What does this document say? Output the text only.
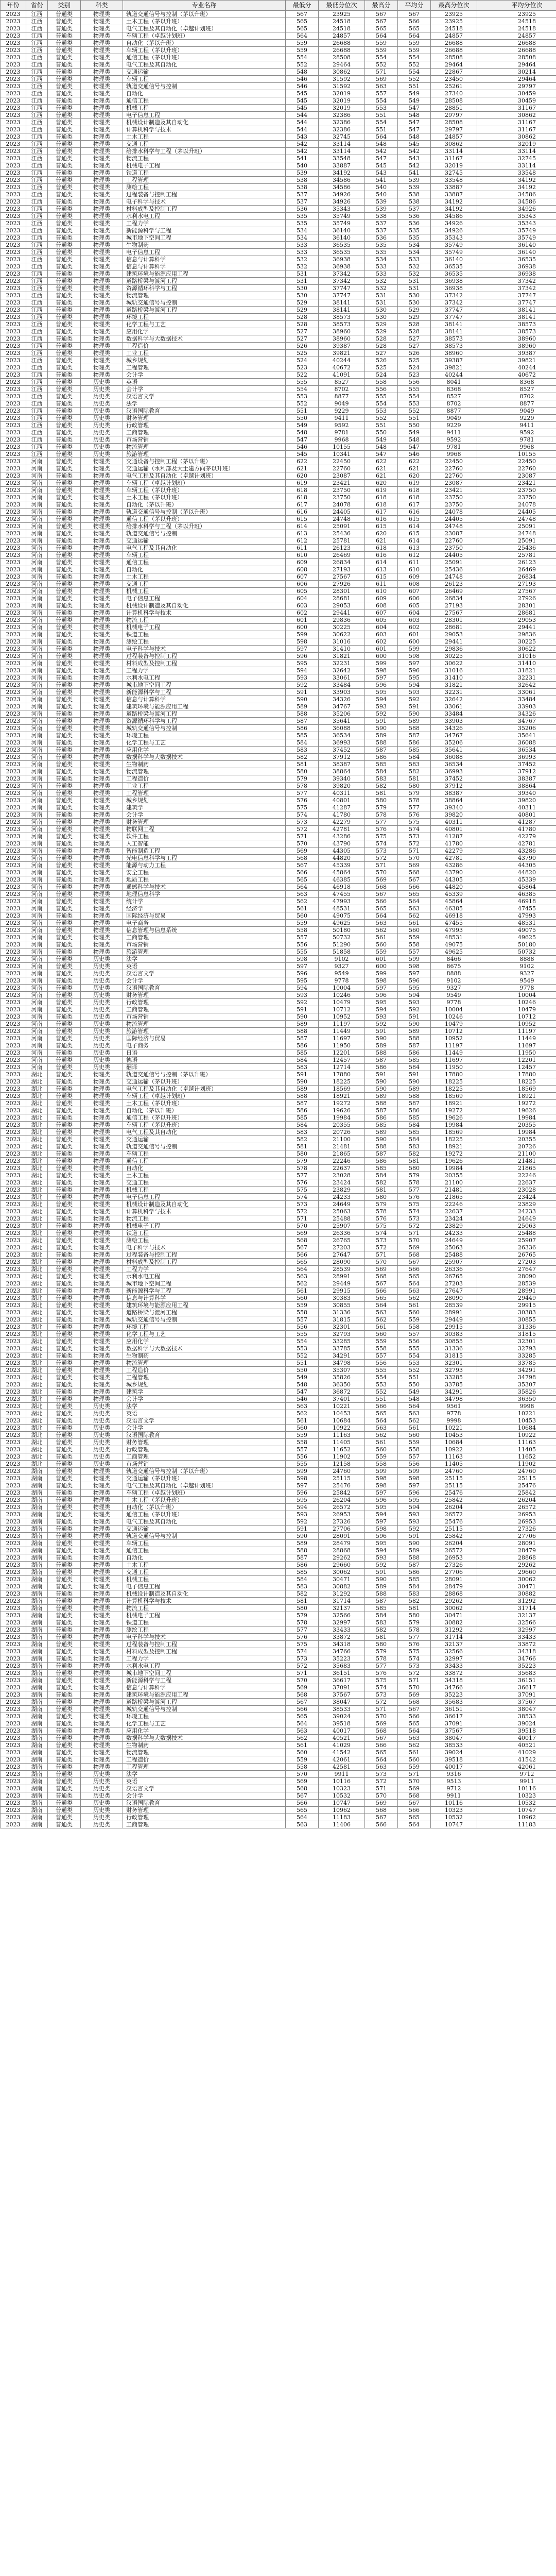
年份	省份	类别	科类	专业名称	最低分	最低分位次	最高分	平均分	最高分位次	平均分位次
2023	江西	普通类	物理类	轨道交通信号与控制（茅以升班）	567	23925	567	567	23925	23925
2023	江西	普通类	物理类	土木工程（茅以升班）	565	24518	567	566	23925	24518
2023	江西	普通类	物理类	电气工程及其自动化（卓越计划班）	565	24518	565	565	24518	24518
2023	江西	普通类	物理类	车辆工程（卓越计划班）	564	24857	564	564	24857	24857
2023	江西	普通类	物理类	自动化（茅以升班）	559	26688	559	559	26688	26688
2023	江西	普通类	物理类	车辆工程（茅以升班）	559	26688	559	559	26688	26688
2023	江西	普通类	物理类	通信工程（茅以升班）	554	28508	554	554	28508	28508
2023	江西	普通类	物理类	电气工程及其自动化	552	29464	552	552	29464	29464
2023	江西	普通类	物理类	交通运输	548	30862	571	554	22867	30214
2023	江西	普通类	物理类	车辆工程	546	31592	569	552	23450	29464
2023	江西	普通类	物理类	轨道交通信号与控制	546	31592	563	551	25261	29797
2023	江西	普通类	物理类	自动化	545	32019	557	549	27340	30459
2023	江西	普通类	物理类	通信工程	545	32019	554	549	28508	30459
2023	江西	普通类	物理类	机械工程	545	32019	553	547	28851	31167
2023	江西	普通类	物理类	电子信息工程	544	32386	551	548	29797	30862
2023	江西	普通类	物理类	机械设计制造及其自动化	544	32386	554	547	28508	31167
2023	江西	普通类	物理类	计算机科学与技术	544	32386	551	547	29797	31167
2023	江西	普通类	物理类	土木工程	543	32745	564	548	24857	30862
2023	江西	普通类	物理类	交通工程	542	33114	548	545	30862	32019
2023	江西	普通类	物理类	给排水科学与工程（茅以升班）	542	33114	542	542	33114	33114
2023	江西	普通类	物理类	物流工程	541	33548	547	543	31167	32745
2023	江西	普通类	物理类	机械电子工程	540	33887	545	542	32019	33114
2023	江西	普通类	物理类	铁道工程	539	34192	543	541	32745	33548
2023	江西	普通类	物理类	工程管理	538	34586	541	539	33548	34192
2023	江西	普通类	物理类	测绘工程	538	34586	540	539	33887	34192
2023	江西	普通类	物理类	过程装备与控制工程	537	34926	540	538	33887	34586
2023	江西	普通类	物理类	电子科学与技术	537	34926	539	538	34192	34586
2023	江西	普通类	物理类	材料成型及控制工程	536	35343	539	537	34192	34926
2023	江西	普通类	物理类	水利水电工程	535	35749	538	536	34586	35343
2023	江西	普通类	物理类	工程力学	535	35749	537	536	34926	35343
2023	江西	普通类	物理类	新能源科学与工程	534	36140	537	535	34926	35749
2023	江西	普通类	物理类	城市地下空间工程	534	36140	536	535	35343	35749
2023	江西	普通类	物理类	生物制药	533	36535	535	534	35749	36140
2023	江西	普通类	物理类	电子信息工程	533	36535	535	534	35749	36140
2023	江西	普通类	物理类	信息与计算科学	532	36938	534	533	36140	36535
2023	江西	普通类	物理类	信息与计算科学	532	36938	533	532	36535	36938
2023	江西	普通类	物理类	建筑环境与能源应用工程	531	37342	533	532	36535	36938
2023	江西	普通类	物理类	道路桥梁与渡河工程	531	37342	532	531	36938	37342
2023	江西	普通类	物理类	资源循环科学与工程	530	37747	532	531	36938	37342
2023	江西	普通类	物理类	物流管理	530	37747	531	530	37342	37747
2023	江西	普通类	物理类	城轨交通信号与控制	529	38141	531	530	37342	37747
2023	江西	普通类	物理类	道路桥梁与渡河工程	529	38141	530	529	37747	38141
2023	江西	普通类	物理类	环境工程	528	38573	530	529	37747	38141
2023	江西	普通类	物理类	化学工程与工艺	528	38573	529	528	38141	38573
2023	江西	普通类	物理类	应用化学	527	38960	529	528	38141	38573
2023	江西	普通类	物理类	数据科学与大数据技术	527	38960	528	527	38573	38960
2023	江西	普通类	物理类	工程造价	526	39387	528	527	38573	38960
2023	江西	普通类	物理类	工业工程	525	39821	527	526	38960	39387
2023	江西	普通类	物理类	城乡规划	524	40244	526	525	39387	39821
2023	江西	普通类	物理类	工程管理	523	40672	525	524	39821	40244
2023	江西	普通类	物理类	会计学	522	41091	524	523	40244	40672
2023	江西	普通类	历史类	英语	555	8527	558	556	8041	8368
2023	江西	普通类	历史类	会计学	554	8702	556	555	8368	8527
2023	江西	普通类	历史类	汉语言文学	553	8877	555	554	8527	8702
2023	江西	普通类	历史类	法学	552	9049	554	553	8702	8877
2023	江西	普通类	历史类	汉语国际教育	551	9229	553	552	8877	9049
2023	江西	普通类	历史类	财务管理	550	9411	552	551	9049	9229
2023	江西	普通类	历史类	行政管理	549	9592	551	550	9229	9411
2023	江西	普通类	历史类	工商管理	548	9781	550	549	9411	9592
2023	江西	普通类	历史类	市场营销	547	9968	549	548	9592	9781
2023	江西	普通类	历史类	物流管理	546	10155	548	547	9781	9968
2023	江西	普通类	历史类	旅游管理	545	10341	547	546	9968	10155
2023	河南	普通类	物理类	交通设备与控制工程（茅以升班）	622	22450	622	622	22450	22450
2023	河南	普通类	物理类	交通运输（水利部及大土建方向茅以升班）	621	22760	621	621	22760	22760
2023	河南	普通类	物理类	电气工程及其自动化（卓越计划班）	620	23087	621	620	22760	23087
2023	河南	普通类	物理类	车辆工程（卓越计划班）	619	23421	620	619	23087	23421
2023	河南	普通类	物理类	车辆工程（茅以升班）	618	23750	619	618	23421	23750
2023	河南	普通类	物理类	土木工程（茅以升班）	618	23750	618	618	23750	23750
2023	河南	普通类	物理类	自动化（茅以升班）	617	24078	618	617	23750	24078
2023	河南	普通类	物理类	轨道交通信号与控制（茅以升班）	616	24405	617	616	24078	24405
2023	河南	普通类	物理类	通信工程（茅以升班）	615	24748	616	615	24405	24748
2023	河南	普通类	物理类	给排水科学与工程（茅以升班）	614	25091	615	614	24748	25091
2023	河南	普通类	物理类	轨道交通信号与控制	613	25436	620	615	23087	24748
2023	河南	普通类	物理类	交通运输	612	25781	621	614	22760	25091
2023	河南	普通类	物理类	电气工程及其自动化	611	26123	618	613	23750	25436
2023	河南	普通类	物理类	车辆工程	610	26469	616	612	24405	25781
2023	河南	普通类	物理类	通信工程	609	26834	614	611	25091	26123
2023	河南	普通类	物理类	自动化	608	27193	613	610	25436	26469
2023	河南	普通类	物理类	土木工程	607	27567	615	609	24748	26834
2023	河南	普通类	物理类	交通工程	606	27926	611	608	26123	27193
2023	河南	普通类	物理类	机械工程	605	28301	610	607	26469	27567
2023	河南	普通类	物理类	电子信息工程	604	28681	609	606	26834	27926
2023	河南	普通类	物理类	机械设计制造及其自动化	603	29053	608	605	27193	28301
2023	河南	普通类	物理类	计算机科学与技术	602	29441	607	604	27567	28681
2023	河南	普通类	物理类	物流工程	601	29836	605	603	28301	29053
2023	河南	普通类	物理类	机械电子工程	600	30225	604	602	28681	29441
2023	河南	普通类	物理类	铁道工程	599	30622	603	601	29053	29836
2023	河南	普通类	物理类	测绘工程	598	31016	602	600	29441	30225
2023	河南	普通类	物理类	电子科学与技术	597	31410	601	599	29836	30622
2023	河南	普通类	物理类	过程装备与控制工程	596	31821	600	598	30225	31016
2023	河南	普通类	物理类	材料成型及控制工程	595	32231	599	597	30622	31410
2023	河南	普通类	物理类	工程力学	594	32642	598	596	31016	31821
2023	河南	普通类	物理类	水利水电工程	593	33061	597	595	31410	32231
2023	河南	普通类	物理类	城市地下空间工程	592	33484	596	594	31821	32642
2023	河南	普通类	物理类	新能源科学与工程	591	33903	595	593	32231	33061
2023	河南	普通类	物理类	信息与计算科学	590	34326	594	592	32642	33484
2023	河南	普通类	物理类	建筑环境与能源应用工程	589	34767	593	591	33061	33903
2023	河南	普通类	物理类	道路桥梁与渡河工程	588	35206	592	590	33484	34326
2023	河南	普通类	物理类	资源循环科学与工程	587	35641	591	589	33903	34767
2023	河南	普通类	物理类	城轨交通信号与控制	586	36088	590	588	34326	35206
2023	河南	普通类	物理类	环境工程	585	36534	589	587	34767	35641
2023	河南	普通类	物理类	化学工程与工艺	584	36993	588	586	35206	36088
2023	河南	普通类	物理类	应用化学	583	37452	587	585	35641	36534
2023	河南	普通类	物理类	数据科学与大数据技术	582	37912	586	584	36088	36993
2023	河南	普通类	物理类	生物制药	581	38387	585	583	36534	37452
2023	河南	普通类	物理类	物流管理	580	38864	584	582	36993	37912
2023	河南	普通类	物理类	工程造价	579	39340	583	581	37452	38387
2023	河南	普通类	物理类	工业工程	578	39820	582	580	37912	38864
2023	河南	普通类	物理类	工程管理	577	40311	581	579	38387	39340
2023	河南	普通类	物理类	城乡规划	576	40801	580	578	38864	39820
2023	河南	普通类	物理类	建筑学	575	41287	579	577	39340	40311
2023	河南	普通类	物理类	会计学	574	41780	578	576	39820	40801
2023	河南	普通类	物理类	财务管理	573	42279	577	575	40311	41287
2023	河南	普通类	物理类	物联网工程	572	42781	576	574	40801	41780
2023	河南	普通类	物理类	软件工程	571	43286	575	573	41287	42279
2023	河南	普通类	物理类	人工智能	570	43790	574	572	41780	42781
2023	河南	普通类	物理类	智能制造工程	569	44305	573	571	42279	43286
2023	河南	普通类	物理类	光电信息科学与工程	568	44820	572	570	42781	43790
2023	河南	普通类	物理类	能源与动力工程	567	45339	571	569	43286	44305
2023	河南	普通类	物理类	安全工程	566	45864	570	568	43790	44820
2023	河南	普通类	物理类	地质工程	565	46385	569	567	44305	45339
2023	河南	普通类	物理类	遥感科学与技术	564	46918	568	566	44820	45864
2023	河南	普通类	物理类	地理信息科学	563	47455	567	565	45339	46385
2023	河南	普通类	物理类	统计学	562	47993	566	564	45864	46918
2023	河南	普通类	物理类	经济学	561	48531	565	563	46385	47455
2023	河南	普通类	物理类	国际经济与贸易	560	49075	564	562	46918	47993
2023	河南	普通类	物理类	电子商务	559	49625	563	561	47455	48531
2023	河南	普通类	物理类	信息管理与信息系统	558	50180	562	560	47993	49075
2023	河南	普通类	物理类	工商管理	557	50732	561	559	48531	49625
2023	河南	普通类	物理类	市场营销	556	51290	560	558	49075	50180
2023	河南	普通类	物理类	旅游管理	555	51858	559	557	49625	50732
2023	河南	普通类	历史类	法学	598	9102	601	599	8466	8888
2023	河南	普通类	历史类	英语	597	9327	600	598	8675	9102
2023	河南	普通类	历史类	汉语言文学	596	9549	599	597	8888	9327
2023	河南	普通类	历史类	会计学	595	9778	598	596	9102	9549
2023	河南	普通类	历史类	汉语国际教育	594	10004	597	595	9327	9778
2023	河南	普通类	历史类	财务管理	593	10246	596	594	9549	10004
2023	河南	普通类	历史类	行政管理	592	10479	595	593	9778	10246
2023	河南	普通类	历史类	工商管理	591	10712	594	592	10004	10479
2023	河南	普通类	历史类	市场营销	590	10952	593	591	10246	10712
2023	河南	普通类	历史类	物流管理	589	11197	592	590	10479	10952
2023	河南	普通类	历史类	旅游管理	588	11449	591	589	10712	11197
2023	河南	普通类	历史类	国际经济与贸易	587	11697	590	588	10952	11449
2023	河南	普通类	历史类	电子商务	586	11950	589	587	11197	11697
2023	河南	普通类	历史类	日语	585	12201	588	586	11449	11950
2023	河南	普通类	历史类	德语	584	12457	587	585	11697	12201
2023	河南	普通类	历史类	翻译	583	12714	586	584	11950	12457
2023	湖北	普通类	物理类	轨道交通信号与控制（茅以升班）	591	17880	591	591	17880	17880
2023	湖北	普通类	物理类	交通运输（茅以升班）	590	18225	590	590	18225	18225
2023	湖北	普通类	物理类	电气工程及其自动化（卓越计划班）	589	18569	590	589	18225	18569
2023	湖北	普通类	物理类	车辆工程（卓越计划班）	588	18921	589	588	18569	18921
2023	湖北	普通类	物理类	土木工程（茅以升班）	587	19272	588	587	18921	19272
2023	湖北	普通类	物理类	自动化（茅以升班）	586	19626	587	586	19272	19626
2023	湖北	普通类	物理类	通信工程（茅以升班）	585	19984	586	585	19626	19984
2023	湖北	普通类	物理类	车辆工程（茅以升班）	584	20355	585	584	19984	20355
2023	湖北	普通类	物理类	电气工程及其自动化	583	20726	589	585	18569	19984
2023	湖北	普通类	物理类	交通运输	582	21100	590	584	18225	20355
2023	湖北	普通类	物理类	轨道交通信号与控制	581	21481	588	583	18921	20726
2023	湖北	普通类	物理类	车辆工程	580	21865	587	582	19272	21100
2023	湖北	普通类	物理类	通信工程	579	22246	586	581	19626	21481
2023	湖北	普通类	物理类	自动化	578	22637	585	580	19984	21865
2023	湖北	普通类	物理类	土木工程	577	23028	584	579	20355	22246
2023	湖北	普通类	物理类	交通工程	576	23424	582	578	21100	22637
2023	湖北	普通类	物理类	机械工程	575	23829	581	577	21481	23028
2023	湖北	普通类	物理类	电子信息工程	574	24233	580	576	21865	23424
2023	湖北	普通类	物理类	机械设计制造及其自动化	573	24649	579	575	22246	23829
2023	湖北	普通类	物理类	计算机科学与技术	572	25063	578	574	22637	24233
2023	湖北	普通类	物理类	物流工程	571	25488	576	573	23424	24649
2023	湖北	普通类	物理类	机械电子工程	570	25907	575	572	23829	25063
2023	湖北	普通类	物理类	铁道工程	569	26336	574	571	24233	25488
2023	湖北	普通类	物理类	测绘工程	568	26765	573	570	24649	25907
2023	湖北	普通类	物理类	电子科学与技术	567	27203	572	569	25063	26336
2023	湖北	普通类	物理类	过程装备与控制工程	566	27647	571	568	25488	26765
2023	湖北	普通类	物理类	材料成型及控制工程	565	28090	570	567	25907	27203
2023	湖北	普通类	物理类	工程力学	564	28539	569	566	26336	27647
2023	湖北	普通类	物理类	水利水电工程	563	28991	568	565	26765	28090
2023	湖北	普通类	物理类	城市地下空间工程	562	29449	567	564	27203	28539
2023	湖北	普通类	物理类	新能源科学与工程	561	29915	566	563	27647	28991
2023	湖北	普通类	物理类	信息与计算科学	560	30383	565	562	28090	29449
2023	湖北	普通类	物理类	建筑环境与能源应用工程	559	30855	564	561	28539	29915
2023	湖北	普通类	物理类	道路桥梁与渡河工程	558	31336	563	560	28991	30383
2023	湖北	普通类	物理类	城轨交通信号与控制	557	31815	562	559	29449	30855
2023	湖北	普通类	物理类	环境工程	556	32301	561	558	29915	31336
2023	湖北	普通类	物理类	化学工程与工艺	555	32793	560	557	30383	31815
2023	湖北	普通类	物理类	应用化学	554	33285	559	556	30855	32301
2023	湖北	普通类	物理类	数据科学与大数据技术	553	33785	558	555	31336	32793
2023	湖北	普通类	物理类	生物制药	552	34291	557	554	31815	33285
2023	湖北	普通类	物理类	物流管理	551	34798	556	553	32301	33785
2023	湖北	普通类	物理类	工程造价	550	35307	555	552	32793	34291
2023	湖北	普通类	物理类	工程管理	549	35826	554	551	33285	34798
2023	湖北	普通类	物理类	城乡规划	548	36350	553	550	33785	35307
2023	湖北	普通类	物理类	建筑学	547	36872	552	549	34291	35826
2023	湖北	普通类	物理类	会计学	546	37401	551	548	34798	36350
2023	湖北	普通类	历史类	法学	563	10221	566	564	9561	9998
2023	湖北	普通类	历史类	英语	562	10453	565	563	9778	10221
2023	湖北	普通类	历史类	汉语言文学	561	10684	564	562	9998	10453
2023	湖北	普通类	历史类	会计学	560	10922	563	561	10221	10684
2023	湖北	普通类	历史类	汉语国际教育	559	11163	562	560	10453	10922
2023	湖北	普通类	历史类	财务管理	558	11405	561	559	10684	11163
2023	湖北	普通类	历史类	行政管理	557	11652	560	558	10922	11405
2023	湖北	普通类	历史类	工商管理	556	11902	559	557	11163	11652
2023	湖北	普通类	历史类	市场营销	555	12158	558	556	11405	11902
2023	湖南	普通类	物理类	轨道交通信号与控制（茅以升班）	599	24760	599	599	24760	24760
2023	湖南	普通类	物理类	交通运输（茅以升班）	598	25115	598	598	25115	25115
2023	湖南	普通类	物理类	电气工程及其自动化（卓越计划班）	597	25476	598	597	25115	25476
2023	湖南	普通类	物理类	车辆工程（卓越计划班）	596	25842	597	596	25476	25842
2023	湖南	普通类	物理类	土木工程（茅以升班）	595	26204	596	595	25842	26204
2023	湖南	普通类	物理类	自动化（茅以升班）	594	26572	595	594	26204	26572
2023	湖南	普通类	物理类	通信工程（茅以升班）	593	26953	594	593	26572	26953
2023	湖南	普通类	物理类	电气工程及其自动化	592	27326	597	593	25476	26953
2023	湖南	普通类	物理类	交通运输	591	27706	598	592	25115	27326
2023	湖南	普通类	物理类	轨道交通信号与控制	590	28091	596	591	25842	27706
2023	湖南	普通类	物理类	车辆工程	589	28479	595	590	26204	28091
2023	湖南	普通类	物理类	通信工程	588	28868	594	589	26572	28479
2023	湖南	普通类	物理类	自动化	587	29262	593	588	26953	28868
2023	湖南	普通类	物理类	土木工程	586	29660	592	587	27326	29262
2023	湖南	普通类	物理类	交通工程	585	30062	591	586	27706	29660
2023	湖南	普通类	物理类	机械工程	584	30471	590	585	28091	30062
2023	湖南	普通类	物理类	电子信息工程	583	30882	589	584	28479	30471
2023	湖南	普通类	物理类	机械设计制造及其自动化	582	31292	588	583	28868	30882
2023	湖南	普通类	物理类	计算机科学与技术	581	31714	587	582	29262	31292
2023	湖南	普通类	物理类	物流工程	580	32137	585	581	30062	31714
2023	湖南	普通类	物理类	机械电子工程	579	32566	584	580	30471	32137
2023	湖南	普通类	物理类	铁道工程	578	32997	583	579	30882	32566
2023	湖南	普通类	物理类	测绘工程	577	33433	582	578	31292	32997
2023	湖南	普通类	物理类	电子科学与技术	576	33872	581	577	31714	33433
2023	湖南	普通类	物理类	过程装备与控制工程	575	34318	580	576	32137	33872
2023	湖南	普通类	物理类	材料成型及控制工程	574	34766	579	575	32566	34318
2023	湖南	普通类	物理类	工程力学	573	35223	578	574	32997	34766
2023	湖南	普通类	物理类	水利水电工程	572	35683	577	573	33433	35223
2023	湖南	普通类	物理类	城市地下空间工程	571	36151	576	572	33872	35683
2023	湖南	普通类	物理类	新能源科学与工程	570	36617	575	571	34318	36151
2023	湖南	普通类	物理类	信息与计算科学	569	37091	574	570	34766	36617
2023	湖南	普通类	物理类	建筑环境与能源应用工程	568	37567	573	569	35223	37091
2023	湖南	普通类	物理类	道路桥梁与渡河工程	567	38047	572	568	35683	37567
2023	湖南	普通类	物理类	城轨交通信号与控制	566	38533	571	567	36151	38047
2023	湖南	普通类	物理类	环境工程	565	39024	570	566	36617	38533
2023	湖南	普通类	物理类	化学工程与工艺	564	39518	569	565	37091	39024
2023	湖南	普通类	物理类	应用化学	563	40017	568	564	37567	39518
2023	湖南	普通类	物理类	数据科学与大数据技术	562	40521	567	563	38047	40017
2023	湖南	普通类	物理类	生物制药	561	41029	566	562	38533	40521
2023	湖南	普通类	物理类	物流管理	560	41542	565	561	39024	41029
2023	湖南	普通类	物理类	工程造价	559	42061	564	560	39518	41542
2023	湖南	普通类	物理类	工程管理	558	42581	563	559	40017	42061
2023	湖南	普通类	历史类	法学	570	9911	573	571	9316	9712
2023	湖南	普通类	历史类	英语	569	10116	572	570	9513	9911
2023	湖南	普通类	历史类	汉语言文学	568	10323	571	569	9712	10116
2023	湖南	普通类	历史类	会计学	567	10532	570	568	9911	10323
2023	湖南	普通类	历史类	汉语国际教育	566	10747	569	567	10116	10532
2023	湖南	普通类	历史类	财务管理	565	10962	568	566	10323	10747
2023	湖南	普通类	历史类	行政管理	564	11183	567	565	10532	10962
2023	湖南	普通类	历史类	工商管理	563	11406	566	564	10747	11183
